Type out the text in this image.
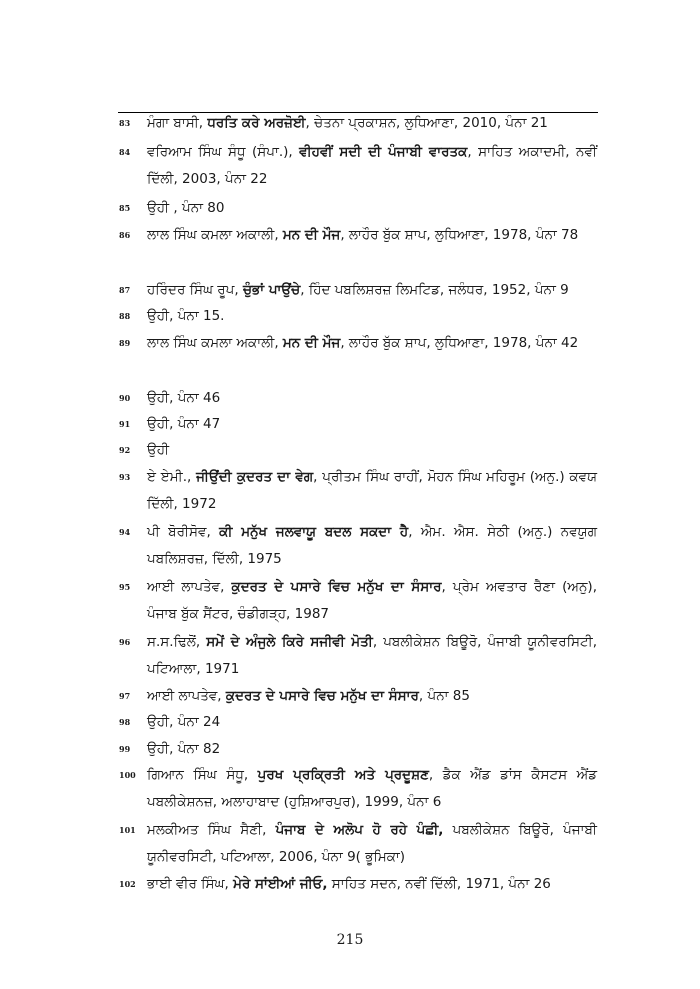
83 ਮੰਗਾ ਬਾਸੀ, ਧਰਤਿ ਕਰੇ ਅਰਜ਼ੋਈ, ਚੇਤਨਾ ਪ੍ਰਕਾਸ਼ਨ, ਲੁਧਿਆਣਾ, 2010, ਪੰਨਾ 21
84 ਵਰਿਆਮ ਸਿੰਘ ਸੰਧੂ (ਸੰਪਾ.), ਵੀਹਵੀਂ ਸਦੀ ਦੀ ਪੰਜਾਬੀ ਵਾਰਤਕ, ਸਾਹਿਤ ਅਕਾਦਮੀ, ਨਵੀਂ ਦਿੱਲੀ, 2003, ਪੰਨਾ 22
85 ਉਹੀ , ਪੰਨਾ 80
86 ਲਾਲ ਸਿੰਘ ਕਮਲਾ ਅਕਾਲੀ, ਮਨ ਦੀ ਮੌਜ, ਲਾਹੌਰ ਬੁੱਕ ਸ਼ਾਪ, ਲੁਧਿਆਣਾ, 1978, ਪੰਨਾ 78
87 ਹਰਿੰਦਰ ਸਿੰਘ ਰੂਪ, ਚੁੰਭਾਂ ਪਾਉਂਚੇ, ਹਿੰਦ ਪਬਲਿਸ਼ਰਜ਼ ਲਿਮਟਿਡ, ਜਲੰਧਰ, 1952, ਪੰਨਾ 9
88 ਉਹੀ, ਪੰਨਾ 15.
89 ਲਾਲ ਸਿੰਘ ਕਮਲਾ ਅਕਾਲੀ, ਮਨ ਦੀ ਮੌਜ, ਲਾਹੌਰ ਬੁੱਕ ਸ਼ਾਪ, ਲੁਧਿਆਣਾ, 1978, ਪੰਨਾ 42
90 ਉਹੀ, ਪੰਨਾ 46
91 ਉਹੀ, ਪੰਨਾ 47
92 ਉਹੀ
93 ਏ ਏਮੀ., ਜੀਉਂਦੀ ਕੁਦਰਤ ਦਾ ਵੇਗ, ਪ੍ਰੀਤਮ ਸਿੰਘ ਰਾਹੀਂ, ਮੋਹਨ ਸਿੰਘ ਮਹਿਰੂਮ (ਅਨੁ.) ਕਵਯ ਦਿੱਲੀ, 1972
94 ਪੀ ਬੋਰੀਸੋਵ, ਕੀ ਮਨੁੱਖ ਜਲਵਾਯੂ ਬਦਲ ਸਕਦਾ ਹੈ, ਐਮ. ਐਸ. ਸੇਠੀ (ਅਨੁ.) ਨਵਯੁਗ ਪਬਲਿਸ਼ਰਜ਼, ਦਿੱਲੀ, 1975
95 ਆਈ ਲਾਪਤੇਵ, ਕੁਦਰਤ ਦੇ ਪਸਾਰੇ ਵਿਚ ਮਨੁੱਖ ਦਾ ਸੰਸਾਰ, ਪ੍ਰੇਮ ਅਵਤਾਰ ਰੈਣਾ (ਅਨੁ), ਪੰਜਾਬ ਬੁੱਕ ਸੈਂਟਰ, ਚੰਡੀਗੜ੍ਹ, 1987
96 ਸ.ਸ.ਢਿਲੋਂ, ਸਮੇਂ ਦੇ ਅੰਜੁਲੇ ਕਿਰੇ ਸਜੀਵੀ ਮੋਤੀ, ਪਬਲੀਕੇਸ਼ਨ ਬਿਊਰੋ, ਪੰਜਾਬੀ ਯੂਨੀਵਰਸਿਟੀ, ਪਟਿਆਲਾ, 1971
97 ਆਈ ਲਾਪਤੇਵ, ਕੁਦਰਤ ਦੇ ਪਸਾਰੇ ਵਿਚ ਮਨੁੱਖ ਦਾ ਸੰਸਾਰ, ਪੰਨਾ 85
98 ਉਹੀ, ਪੰਨਾ 24
99 ਉਹੀ, ਪੰਨਾ 82
100 ਗਿਆਨ ਸਿੰਘ ਸੰਧੂ, ਪੁਰਖ ਪ੍ਰਕ੍ਰਿਤੀ ਅਤੇ ਪ੍ਰਦੂਸ਼ਣ, ਡੈਕ ਐਂਡ ਡਾਂਸ ਕੈਸਟਸ ਐਂਡ ਪਬਲੀਕੇਸ਼ਨਜ਼, ਅਲਾਹਾਬਾਦ (ਹੁਸ਼ਿਆਰਪੁਰ), 1999, ਪੰਨਾ 6
101 ਮਲਕੀਅਤ ਸਿੰਘ ਸੈਣੀ, ਪੰਜਾਬ ਦੇ ਅਲੋਪ ਹੋ ਰਹੇ ਪੰਛੀ, ਪਬਲੀਕੇਸ਼ਨ ਬਿਊਰੋ, ਪੰਜਾਬੀ ਯੂਨੀਵਰਸਿਟੀ, ਪਟਿਆਲਾ, 2006, ਪੰਨਾ 9( ਭੂਮਿਕਾ)
102 ਭਾਈ ਵੀਰ ਸਿੰਘ, ਮੇਰੇ ਸਾਂਈਆਂ ਜੀਓ, ਸਾਹਿਤ ਸਦਨ, ਨਵੀਂ ਦਿੱਲੀ, 1971, ਪੰਨਾ 26
215
